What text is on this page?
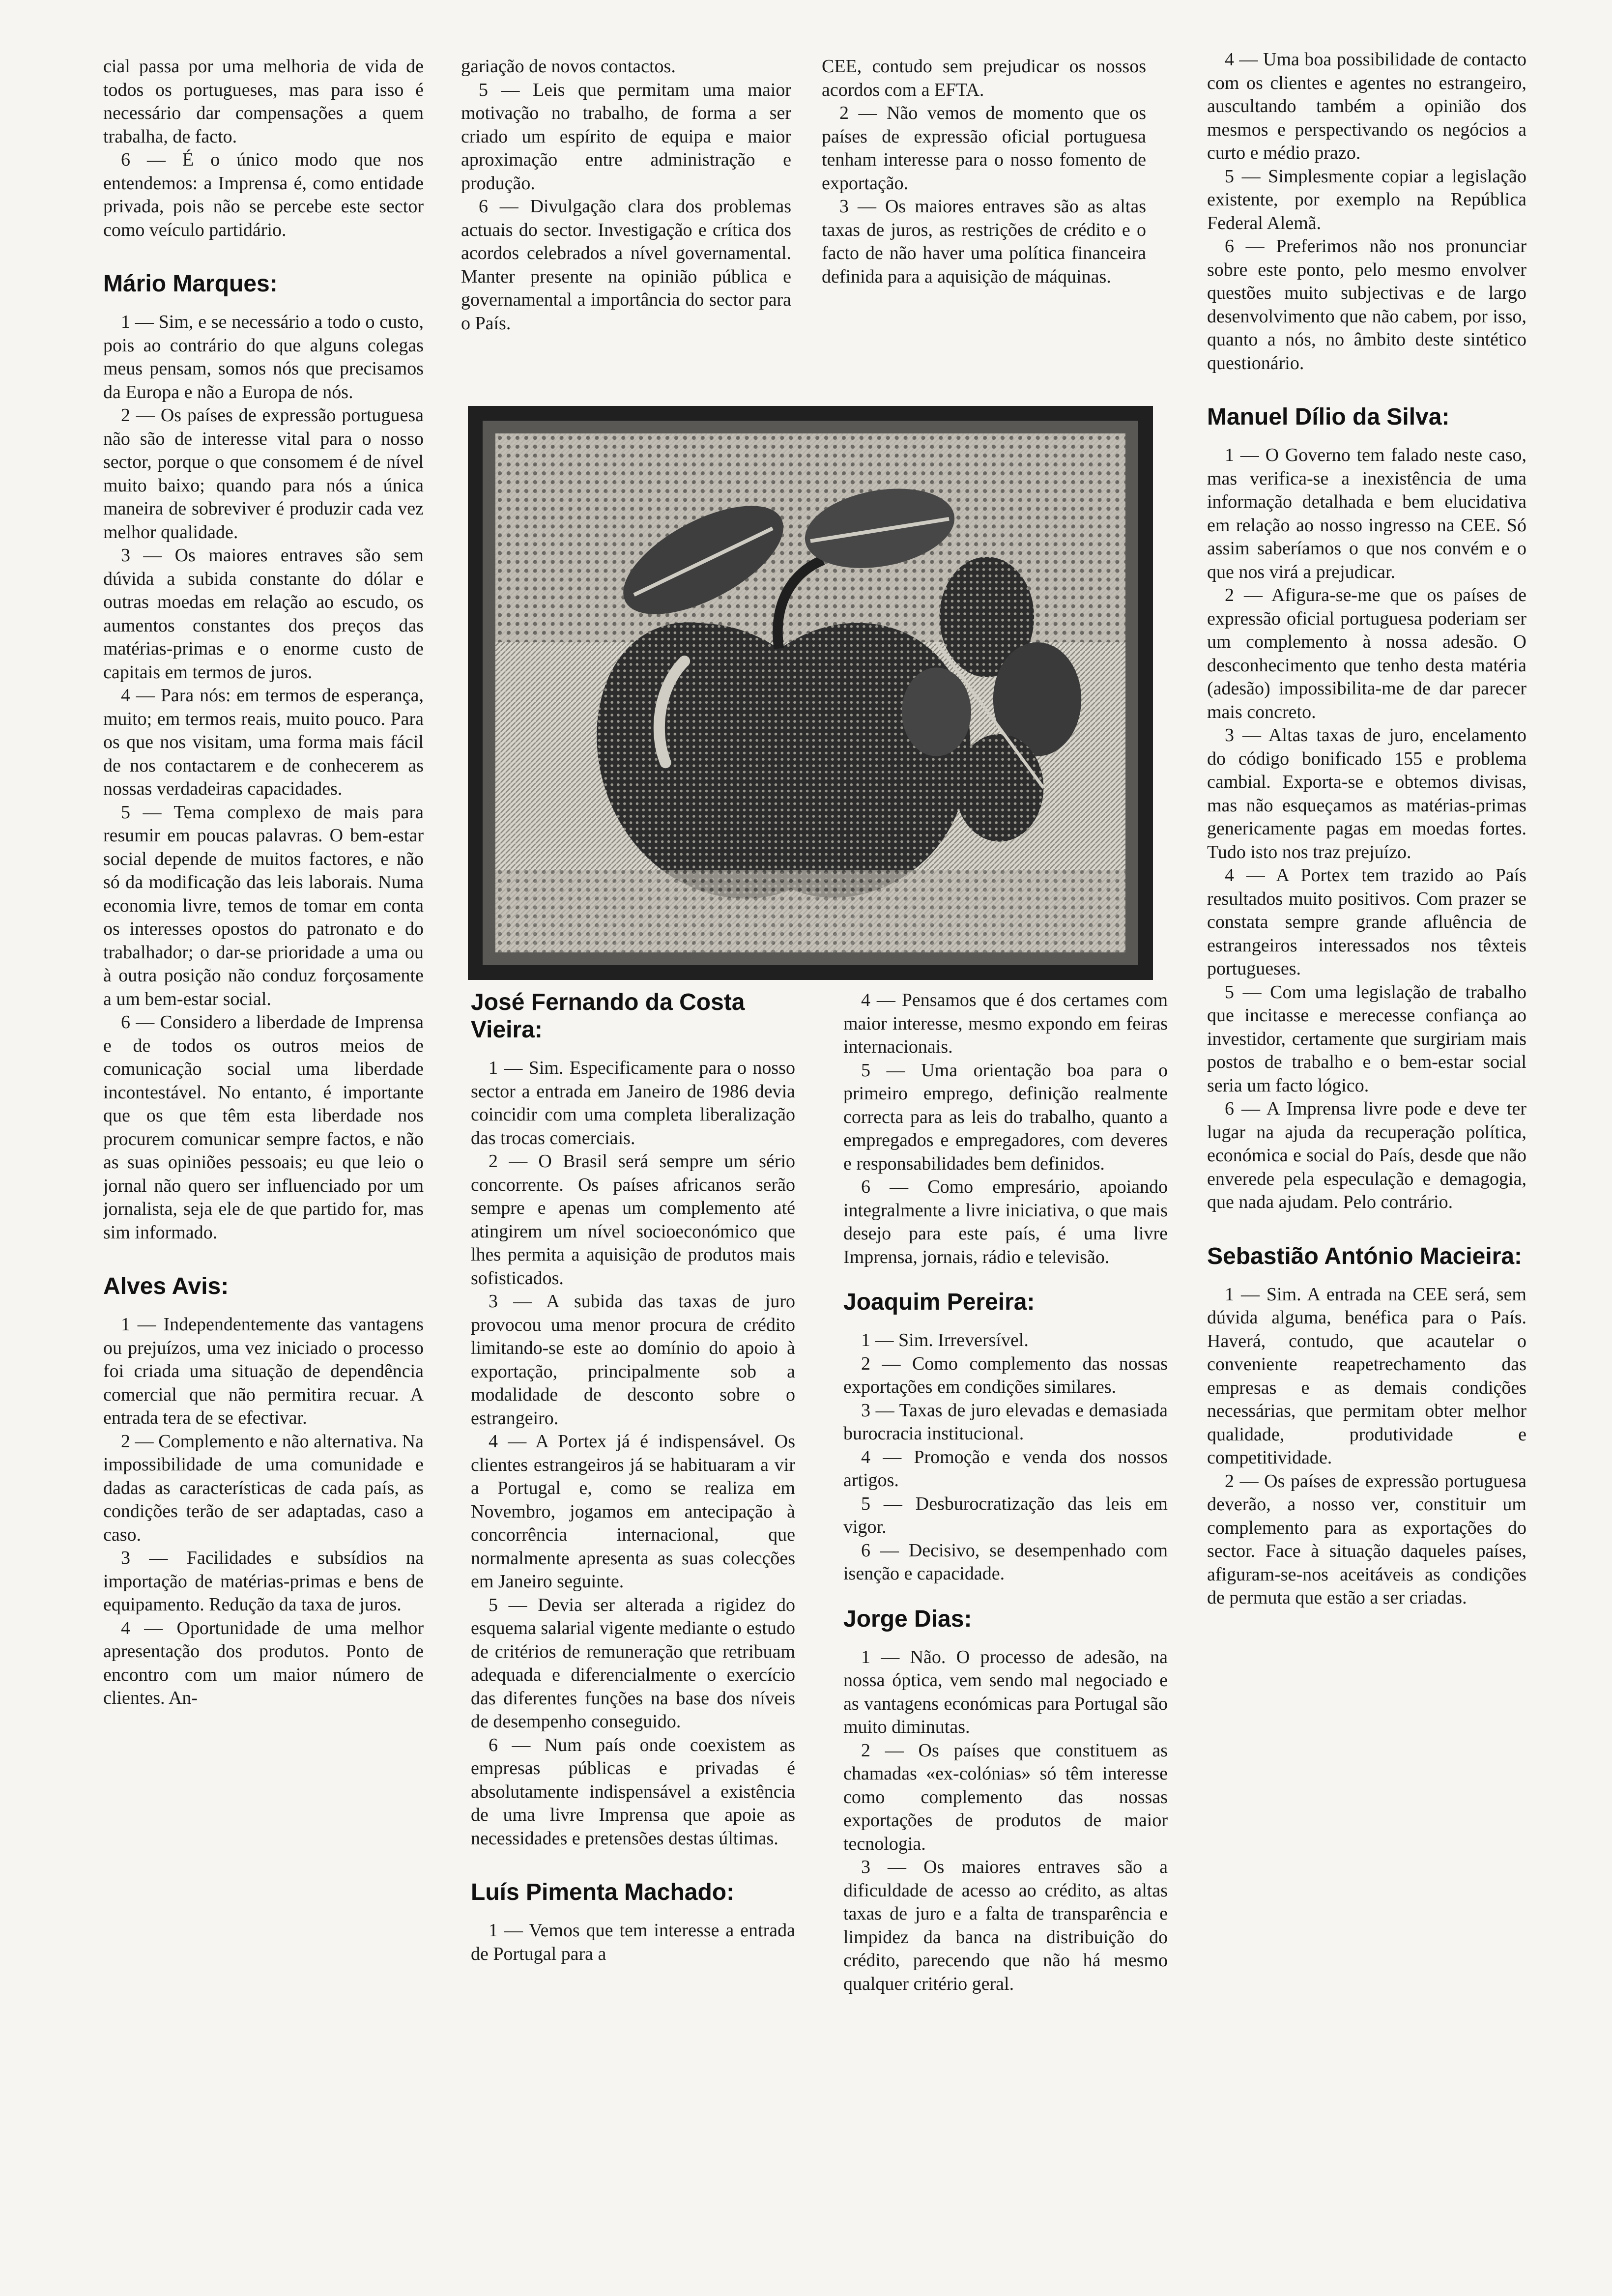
cial passa por uma melhoria de vida de todos os portugueses, mas para isso é necessário dar compensações a quem trabalha, de facto.

6 — É o único modo que nos entendemos: a Imprensa é, como entidade privada, pois não se percebe este sector como veículo partidário.

Mário Marques:

1 — Sim, e se necessário a todo o custo, pois ao contrário do que alguns colegas meus pensam, somos nós que precisamos da Europa e não a Europa de nós.

2 — Os países de expressão portuguesa não são de interesse vital para o nosso sector, porque o que consomem é de nível muito baixo; quando para nós a única maneira de sobreviver é produzir cada vez melhor qualidade.

3 — Os maiores entraves são sem dúvida a subida constante do dólar e outras moedas em relação ao escudo, os aumentos constantes dos preços das matérias-primas e o enorme custo de capitais em termos de juros.

4 — Para nós: em termos de esperança, muito; em termos reais, muito pouco. Para os que nos visitam, uma forma mais fácil de nos contactarem e de conhecerem as nossas verdadeiras capacidades.

5 — Tema complexo de mais para resumir em poucas palavras. O bem-estar social depende de muitos factores, e não só da modificação das leis laborais. Numa economia livre, temos de tomar em conta os interesses opostos do patronato e do trabalhador; o dar-se prioridade a uma ou à outra posição não conduz forçosamente a um bem-estar social.

6 — Considero a liberdade de Imprensa e de todos os outros meios de comunicação social uma liberdade incontestável. No entanto, é importante que os que têm esta liberdade nos procurem comunicar sempre factos, e não as suas opiniões pessoais; eu que leio o jornal não quero ser influenciado por um jornalista, seja ele de que partido for, mas sim informado.

Alves Avis:

1 — Independentemente das vantagens ou prejuízos, uma vez iniciado o processo foi criada uma situação de dependência comercial que não permitira recuar. A entrada tera de se efectivar.

2 — Complemento e não alternativa. Na impossibilidade de uma comunidade e dadas as características de cada país, as condições terão de ser adaptadas, caso a caso.

3 — Facilidades e subsídios na importação de matérias-primas e bens de equipamento. Redução da taxa de juros.

4 — Oportunidade de uma melhor apresentação dos produtos. Ponto de encontro com um maior número de clientes. An-

gariação de novos contactos.

5 — Leis que permitam uma maior motivação no trabalho, de forma a ser criado um espírito de equipa e maior aproximação entre administração e produção.

6 — Divulgação clara dos problemas actuais do sector. Investigação e crítica dos acordos celebrados a nível governamental. Manter presente na opinião pública e governamental a importância do sector para o País.

CEE, contudo sem prejudicar os nossos acordos com a EFTA.

2 — Não vemos de momento que os países de expressão oficial portuguesa tenham interesse para o nosso fomento de exportação.

3 — Os maiores entraves são as altas taxas de juros, as restrições de crédito e o facto de não haver uma política financeira definida para a aquisição de máquinas.

José Fernando da Costa Vieira:

1 — Sim. Especificamente para o nosso sector a entrada em Janeiro de 1986 devia coincidir com uma completa liberalização das trocas comerciais.

2 — O Brasil será sempre um sério concorrente. Os países africanos serão sempre e apenas um complemento até atingirem um nível socioeconómico que lhes permita a aquisição de produtos mais sofisticados.

3 — A subida das taxas de juro provocou uma menor procura de crédito limitando-se este ao domínio do apoio à exportação, principalmente sob a modalidade de desconto sobre o estrangeiro.

4 — A Portex já é indispensável. Os clientes estrangeiros já se habituaram a vir a Portugal e, como se realiza em Novembro, jogamos em antecipação à concorrência internacional, que normalmente apresenta as suas colecções em Janeiro seguinte.

5 — Devia ser alterada a rigidez do esquema salarial vigente mediante o estudo de critérios de remuneração que retribuam adequada e diferencialmente o exercício das diferentes funções na base dos níveis de desempenho conseguido.

6 — Num país onde coexistem as empresas públicas e privadas é absolutamente indispensável a existência de uma livre Imprensa que apoie as necessidades e pretensões destas últimas.

Luís Pimenta Machado:

1 — Vemos que tem interesse a entrada de Portugal para a

4 — Pensamos que é dos certames com maior interesse, mesmo expondo em feiras internacionais.

5 — Uma orientação boa para o primeiro emprego, definição realmente correcta para as leis do trabalho, quanto a empregados e empregadores, com deveres e responsabilidades bem definidos.

6 — Como empresário, apoiando integralmente a livre iniciativa, o que mais desejo para este país, é uma livre Imprensa, jornais, rádio e televisão.

Joaquim Pereira:

1 — Sim. Irreversível.

2 — Como complemento das nossas exportações em condições similares.

3 — Taxas de juro elevadas e demasiada burocracia institucional.

4 — Promoção e venda dos nossos artigos.

5 — Desburocratização das leis em vigor.

6 — Decisivo, se desempenhado com isenção e capacidade.

Jorge Dias:

1 — Não. O processo de adesão, na nossa óptica, vem sendo mal negociado e as vantagens económicas para Portugal são muito diminutas.

2 — Os países que constituem as chamadas «ex-colónias» só têm interesse como complemento das nossas exportações de produtos de maior tecnologia.

3 — Os maiores entraves são a dificuldade de acesso ao crédito, as altas taxas de juro e a falta de transparência e limpidez da banca na distribuição do crédito, parecendo que não há mesmo qualquer critério geral.

4 — Uma boa possibilidade de contacto com os clientes e agentes no estrangeiro, auscultando também a opinião dos mesmos e perspectivando os negócios a curto e médio prazo.

5 — Simplesmente copiar a legislação existente, por exemplo na República Federal Alemã.

6 — Preferimos não nos pronunciar sobre este ponto, pelo mesmo envolver questões muito subjectivas e de largo desenvolvimento que não cabem, por isso, quanto a nós, no âmbito deste sintético questionário.

Manuel Dílio da Silva:

1 — O Governo tem falado neste caso, mas verifica-se a inexistência de uma informação detalhada e bem elucidativa em relação ao nosso ingresso na CEE. Só assim saberíamos o que nos convém e o que nos virá a prejudicar.

2 — Afigura-se-me que os países de expressão oficial portuguesa poderiam ser um complemento à nossa adesão. O desconhecimento que tenho desta matéria (adesão) impossibilita-me de dar parecer mais concreto.

3 — Altas taxas de juro, encelamento do código bonificado 155 e problema cambial. Exporta-se e obtemos divisas, mas não esqueçamos as matérias-primas genericamente pagas em moedas fortes. Tudo isto nos traz prejuízo.

4 — A Portex tem trazido ao País resultados muito positivos. Com prazer se constata sempre grande afluência de estrangeiros interessados nos têxteis portugueses.

5 — Com uma legislação de trabalho que incitasse e merecesse confiança ao investidor, certamente que surgiriam mais postos de trabalho e o bem-estar social seria um facto lógico.

6 — A Imprensa livre pode e deve ter lugar na ajuda da recuperação política, económica e social do País, desde que não enverede pela especulação e demagogia, que nada ajudam. Pelo contrário.

Sebastião António Macieira:

1 — Sim. A entrada na CEE será, sem dúvida alguma, benéfica para o País. Haverá, contudo, que acautelar o conveniente reapetrechamento das empresas e as demais condições necessárias, que permitam obter melhor qualidade, produtividade e competitividade.

2 — Os países de expressão portuguesa deverão, a nosso ver, constituir um complemento para as exportações do sector. Face à situação daqueles países, afiguram-se-nos aceitáveis as condições de permuta que estão a ser criadas.
